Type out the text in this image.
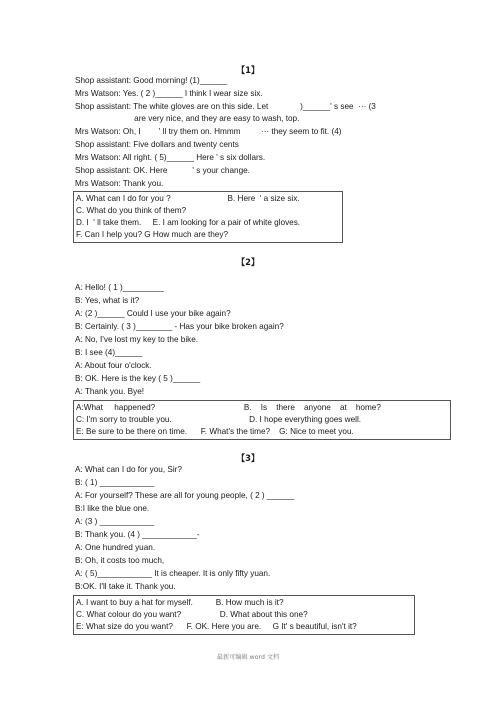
【1】
Shop assistant: Good morning! (1)______
Mrs Watson: Yes. ( 2 )______ I think I wear size six.
Shop assistant: The white gloves are on this side. Let              )______' s see  ··· (3
are very nice, and they are easy to wash, top.
Mrs Watson: Oh, I        ' ll try them on. Hmmm         ··· they seem to fit. (4)
Shop assistant: Five dollars and twenty cents
Mrs Watson: All right. ( 5)______ Here ' s six dollars.
Shop assistant: OK. Here           ' s your change.
Mrs Watson: Thank you.
A. What can I do for you ?                         B. Here  ' a size six.
C. What do you think of them?
D. I  ' ll take them.     E. I am looking for a pair of white gloves.
F. Can I help you? G How much are they?
【2】
A: Hello! ( 1 )_________
B: Yes, what is it?
A: (2 )______ Could I use your bike again?
B: Certainly. ( 3 )________ - Has your bike broken again?
A: No, I've lost my key to the bike.
B: I see (4)______
A: About four o'clock.
B: OK. Here is the key ( 5 )______
A: Thank you. Bye!
A:What     happened?                                       B.    Is    there    anyone    at    home?
C: I'm sorry to trouble you.                                  D. I hope everything goes well.
E: Be sure to be there on time.      F. What's the time?    G: Nice to meet you.
【3】
A: What can I do for you, Sir?
B: ( 1) ____________
A: For yourself? These are all for young people, ( 2 ) ______
B:I like the blue one.
A: (3 ) ____________
B: Thank you. (4 ) ____________-
A: One hundred yuan.
B: Oh, it costs too much,
A: ( 5)____________ It is cheaper. It is only fifty yuan.
B:OK. I'll take it. Thank you.
A. I want to buy a hat for myself.          B. How much is it?
C. What colour do you want?                 D. What about this one?
E: What size do you want?      F. OK. Here you are.     G It' s beautiful, isn't it?
最新可编辑 word 文档
